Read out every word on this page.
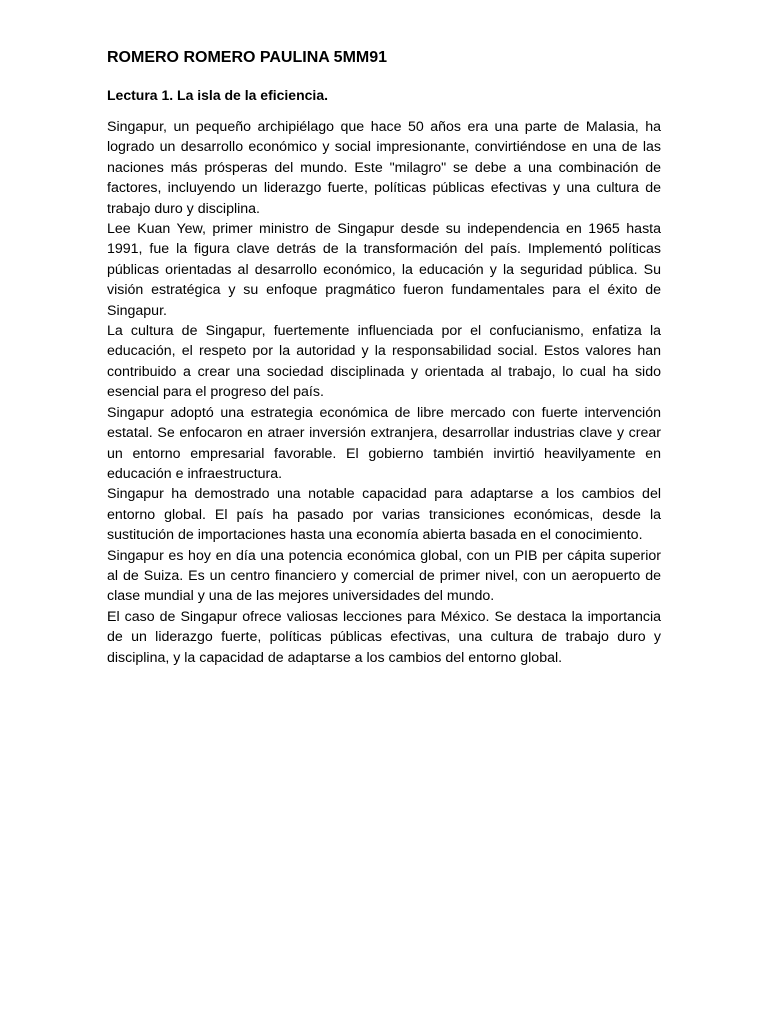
ROMERO ROMERO PAULINA 5MM91
Lectura 1. La isla de la eficiencia.

Singapur, un pequeño archipiélago que hace 50 años era una parte de Malasia, ha logrado un desarrollo económico y social impresionante, convirtiéndose en una de las naciones más prósperas del mundo. Este "milagro" se debe a una combinación de factores, incluyendo un liderazgo fuerte, políticas públicas efectivas y una cultura de trabajo duro y disciplina.

Lee Kuan Yew, primer ministro de Singapur desde su independencia en 1965 hasta 1991, fue la figura clave detrás de la transformación del país. Implementó políticas públicas orientadas al desarrollo económico, la educación y la seguridad pública. Su visión estratégica y su enfoque pragmático fueron fundamentales para el éxito de Singapur.

La cultura de Singapur, fuertemente influenciada por el confucianismo, enfatiza la educación, el respeto por la autoridad y la responsabilidad social. Estos valores han contribuido a crear una sociedad disciplinada y orientada al trabajo, lo cual ha sido esencial para el progreso del país.

Singapur adoptó una estrategia económica de libre mercado con fuerte intervención estatal. Se enfocaron en atraer inversión extranjera, desarrollar industrias clave y crear un entorno empresarial favorable. El gobierno también invirtió heavilyamente en educación e infraestructura.

Singapur ha demostrado una notable capacidad para adaptarse a los cambios del entorno global. El país ha pasado por varias transiciones económicas, desde la sustitución de importaciones hasta una economía abierta basada en el conocimiento.

Singapur es hoy en día una potencia económica global, con un PIB per cápita superior al de Suiza. Es un centro financiero y comercial de primer nivel, con un aeropuerto de clase mundial y una de las mejores universidades del mundo.

El caso de Singapur ofrece valiosas lecciones para México. Se destaca la importancia de un liderazgo fuerte, políticas públicas efectivas, una cultura de trabajo duro y disciplina, y la capacidad de adaptarse a los cambios del entorno global.
